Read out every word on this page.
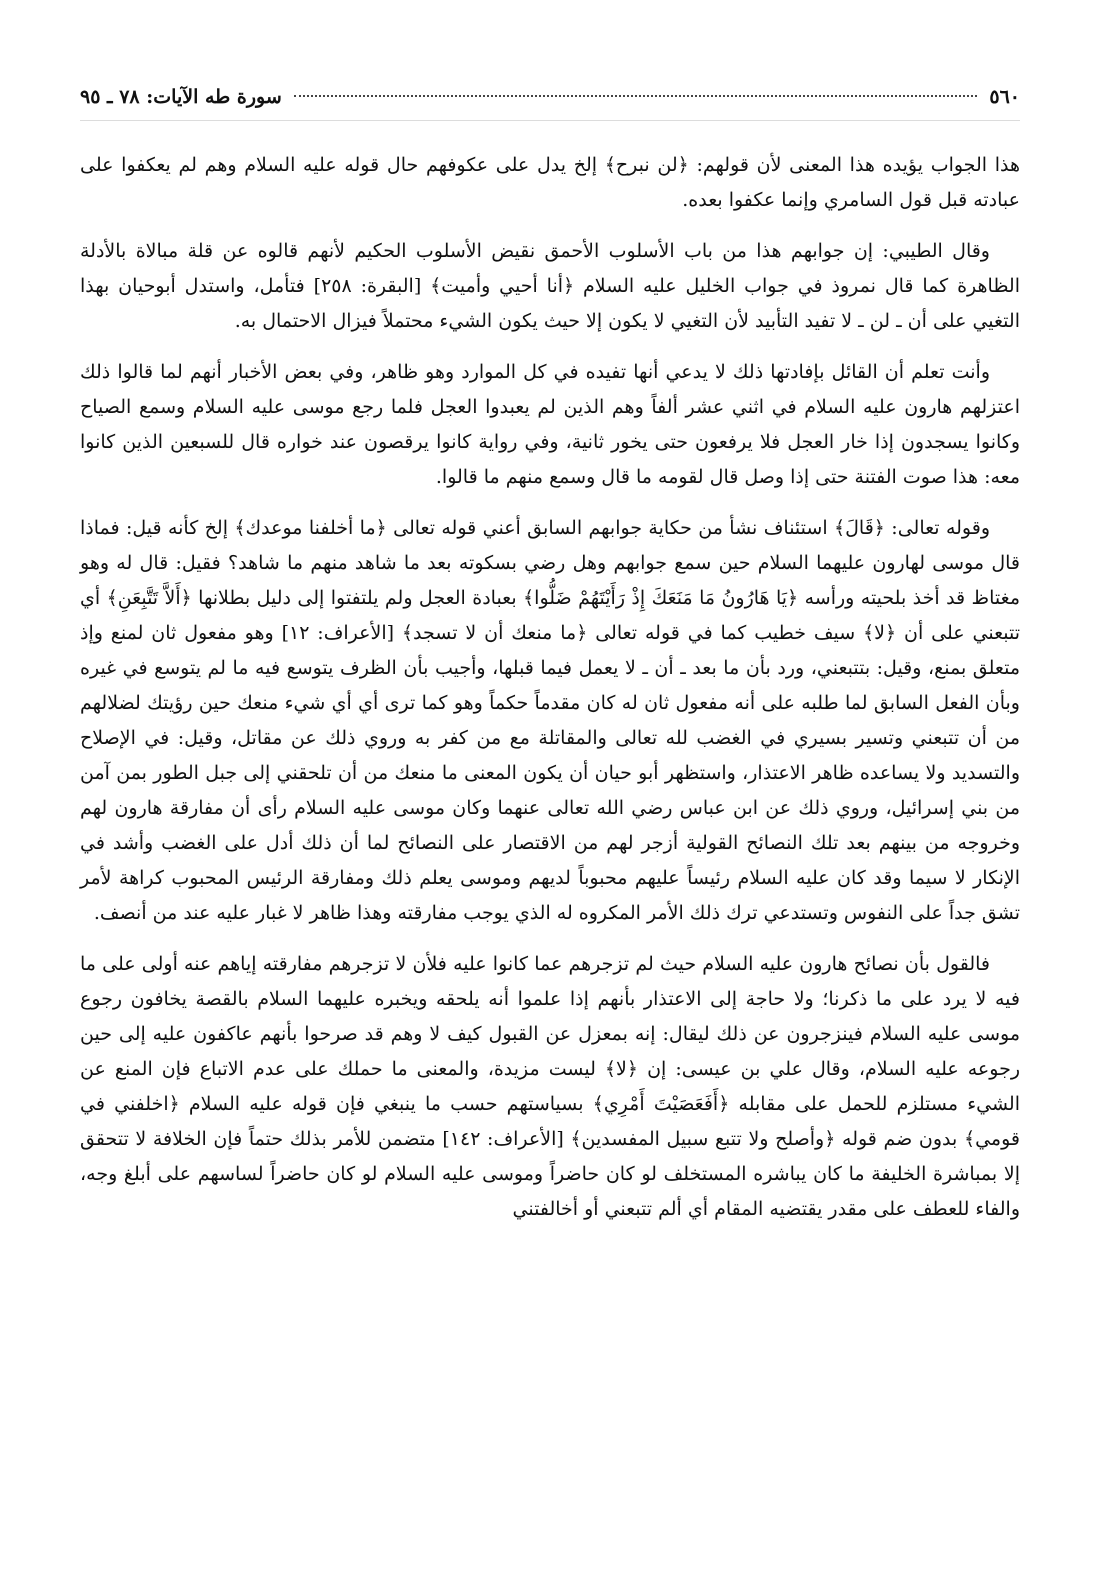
٥٦٠
سورة طه الآيات: ٧٨ ـ ٩٥

هذا الجواب يؤيده هذا المعنى لأن قولهم: ﴿لن نبرح﴾ إلخ يدل على عكوفهم حال قوله عليه السلام وهم لم يعكفوا على عبادته قبل قول السامري وإنما عكفوا بعده.

وقال الطيبي: إن جوابهم هذا من باب الأسلوب الأحمق نقيض الأسلوب الحكيم لأنهم قالوه عن قلة مبالاة بالأدلة الظاهرة كما قال نمروذ في جواب الخليل عليه السلام ﴿أنا أحيي وأميت﴾ [البقرة: ٢٥٨] فتأمل، واستدل أبوحيان بهذا التغيي على أن ـ لن ـ لا تفيد التأبيد لأن التغيي لا يكون إلا حيث يكون الشيء محتملاً فيزال الاحتمال به.

وأنت تعلم أن القائل بإفادتها ذلك لا يدعي أنها تفيده في كل الموارد وهو ظاهر، وفي بعض الأخبار أنهم لما قالوا ذلك اعتزلهم هارون عليه السلام في اثني عشر ألفاً وهم الذين لم يعبدوا العجل فلما رجع موسى عليه السلام وسمع الصياح وكانوا يسجدون إذا خار العجل فلا يرفعون حتى يخور ثانية، وفي رواية كانوا يرقصون عند خواره قال للسبعين الذين كانوا معه: هذا صوت الفتنة حتى إذا وصل قال لقومه ما قال وسمع منهم ما قالوا.

وقوله تعالى: ﴿قَالَ﴾ استئناف نشأ من حكاية جوابهم السابق أعني قوله تعالى ﴿ما أخلفنا موعدك﴾ إلخ كأنه قيل: فماذا قال موسى لهارون عليهما السلام حين سمع جوابهم وهل رضي بسكوته بعد ما شاهد منهم ما شاهد؟ فقيل: قال له وهو مغتاظ قد أخذ بلحيته ورأسه ﴿يَا هَارُونُ مَا مَنَعَكَ إِذْ رَأَيْتَهُمْ ضَلُّوا﴾ بعبادة العجل ولم يلتفتوا إلى دليل بطلانها ﴿أَلاَّ تَتَّبِعَنِ﴾ أي تتبعني على أن ﴿لا﴾ سيف خطيب كما في قوله تعالى ﴿ما منعك أن لا تسجد﴾ [الأعراف: ١٢] وهو مفعول ثان لمنع وإذ متعلق بمنع، وقيل: بتتبعني، ورد بأن ما بعد ـ أن ـ لا يعمل فيما قبلها، وأجيب بأن الظرف يتوسع فيه ما لم يتوسع في غيره وبأن الفعل السابق لما طلبه على أنه مفعول ثان له كان مقدماً حكماً وهو كما ترى أي أي شيء منعك حين رؤيتك لضلالهم من أن تتبعني وتسير بسيري في الغضب لله تعالى والمقاتلة مع من كفر به وروي ذلك عن مقاتل، وقيل: في الإصلاح والتسديد ولا يساعده ظاهر الاعتذار، واستظهر أبو حيان أن يكون المعنى ما منعك من أن تلحقني إلى جبل الطور بمن آمن من بني إسرائيل، وروي ذلك عن ابن عباس رضي الله تعالى عنهما وكان موسى عليه السلام رأى أن مفارقة هارون لهم وخروجه من بينهم بعد تلك النصائح القولية أزجر لهم من الاقتصار على النصائح لما أن ذلك أدل على الغضب وأشد في الإنكار لا سيما وقد كان عليه السلام رئيساً عليهم محبوباً لديهم وموسى يعلم ذلك ومفارقة الرئيس المحبوب كراهة لأمر تشق جداً على النفوس وتستدعي ترك ذلك الأمر المكروه له الذي يوجب مفارقته وهذا ظاهر لا غبار عليه عند من أنصف.

فالقول بأن نصائح هارون عليه السلام حيث لم تزجرهم عما كانوا عليه فلأن لا تزجرهم مفارقته إياهم عنه أولى على ما فيه لا يرد على ما ذكرنا؛ ولا حاجة إلى الاعتذار بأنهم إذا علموا أنه يلحقه ويخبره عليهما السلام بالقصة يخافون رجوع موسى عليه السلام فينزجرون عن ذلك ليقال: إنه بمعزل عن القبول كيف لا وهم قد صرحوا بأنهم عاكفون عليه إلى حين رجوعه عليه السلام، وقال علي بن عيسى: إن ﴿لا﴾ ليست مزيدة، والمعنى ما حملك على عدم الاتباع فإن المنع عن الشيء مستلزم للحمل على مقابله ﴿أَفَعَصَيْتَ أَمْرِي﴾ بسياستهم حسب ما ينبغي فإن قوله عليه السلام ﴿اخلفني في قومي﴾ بدون ضم قوله ﴿وأصلح ولا تتبع سبيل المفسدين﴾ [الأعراف: ١٤٢] متضمن للأمر بذلك حتماً فإن الخلافة لا تتحقق إلا بمباشرة الخليفة ما كان يباشره المستخلف لو كان حاضراً وموسى عليه السلام لو كان حاضراً لساسهم على أبلغ وجه، والفاء للعطف على مقدر يقتضيه المقام أي ألم تتبعني أو أخالفتني
